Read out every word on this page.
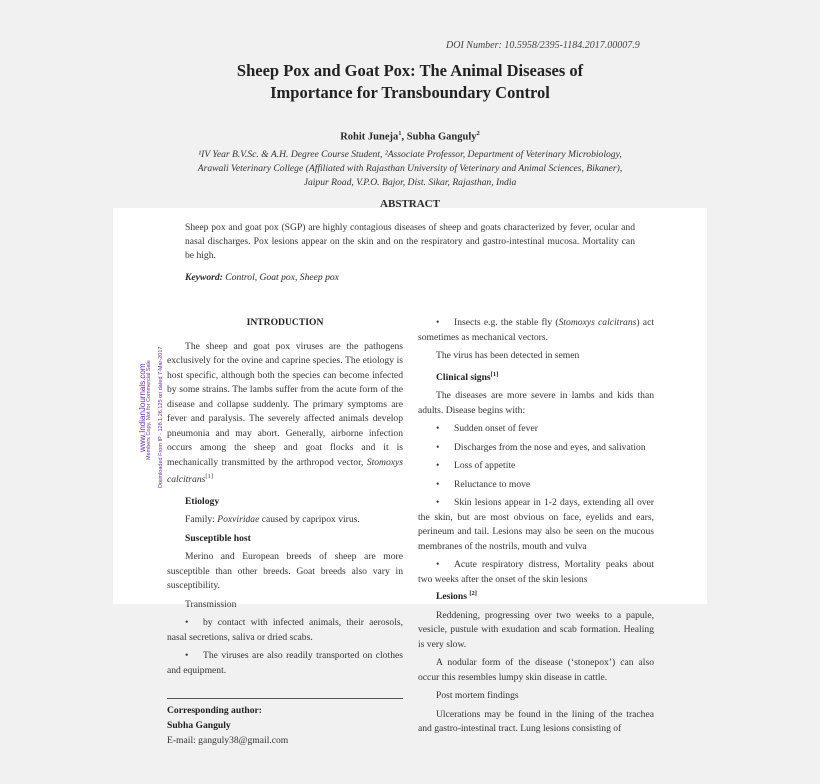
DOI Number: 10.5958/2395-1184.2017.00007.9

Sheep Pox and Goat Pox: The Animal Diseases of
Importance for Transboundary Control
Rohit Juneja$^1$, Subha Ganguly$^2$
¹IV Year B.V.Sc. & A.H. Degree Course Student, ²Associate Professor, Department of Veterinary Microbiology,
Arawali Veterinary College (Affiliated with Rajasthan University of Veterinary and Animal Sciences, Bikaner),
Jaipur Road, V.P.O. Bajor, Dist. Sikar, Rajasthan, India
ABSTRACT

Sheep pox and goat pox (SGP) are highly contagious diseases of sheep and goats characterized by fever, ocular and nasal discharges. Pox lesions appear on the skin and on the respiratory and gastro-intestinal mucosa. Mortality can be high.

Keyword: Control, Goat pox, Sheep pox

www.IndianJournals.com Members Copy, Not for Commercial Sale Downloaded From IP - 128.1.26.125 on dated 7-Mar-2017

INTRODUCTION

The sheep and goat pox viruses are the pathogens exclusively for the ovine and caprine species. The etiology is host specific, although both the species can become infected by some strains. The lambs suffer from the acute form of the disease and collapse suddenly. The primary symptoms are fever and paralysis. The severely affected animals develop pneumonia and may abort. Generally, airborne infection occurs among the sheep and goat flocks and it is mechanically transmitted by the arthropod vector, Stomoxys calcitrans[1]

Etiology

Family: Poxviridae caused by capripox virus.

Susceptible host

Merino and European breeds of sheep are more susceptible than other breeds. Goat breeds also vary in susceptibility.

Transmission

• by contact with infected animals, their aerosols, nasal secretions, saliva or dried scabs.

• The viruses are also readily transported on clothes and equipment.

Corresponding author:
Subha Ganguly
E-mail: ganguly38@gmail.com

• Insects e.g. the stable fly (Stomoxys calcitrans) act sometimes as mechanical vectors.

The virus has been detected in semen

Clinical signs[1]

The diseases are more severe in lambs and kids than adults. Disease begins with:

• Sudden onset of fever

• Discharges from the nose and eyes, and salivation

• Loss of appetite

• Reluctance to move

• Skin lesions appear in 1-2 days, extending all over the skin, but are most obvious on face, eyelids and ears, perineum and tail. Lesions may also be seen on the mucous membranes of the nostrils, mouth and vulva

• Acute respiratory distress, Mortality peaks about two weeks after the onset of the skin lesions

Lesions [2]

Reddening, progressing over two weeks to a papule, vesicle, pustule with exudation and scab formation. Healing is very slow.

A nodular form of the disease (‘stonepox’) can also occur this resembles lumpy skin disease in cattle.

Post mortem findings

Ulcerations may be found in the lining of the trachea and gastro-intestinal tract. Lung lesions consisting of
